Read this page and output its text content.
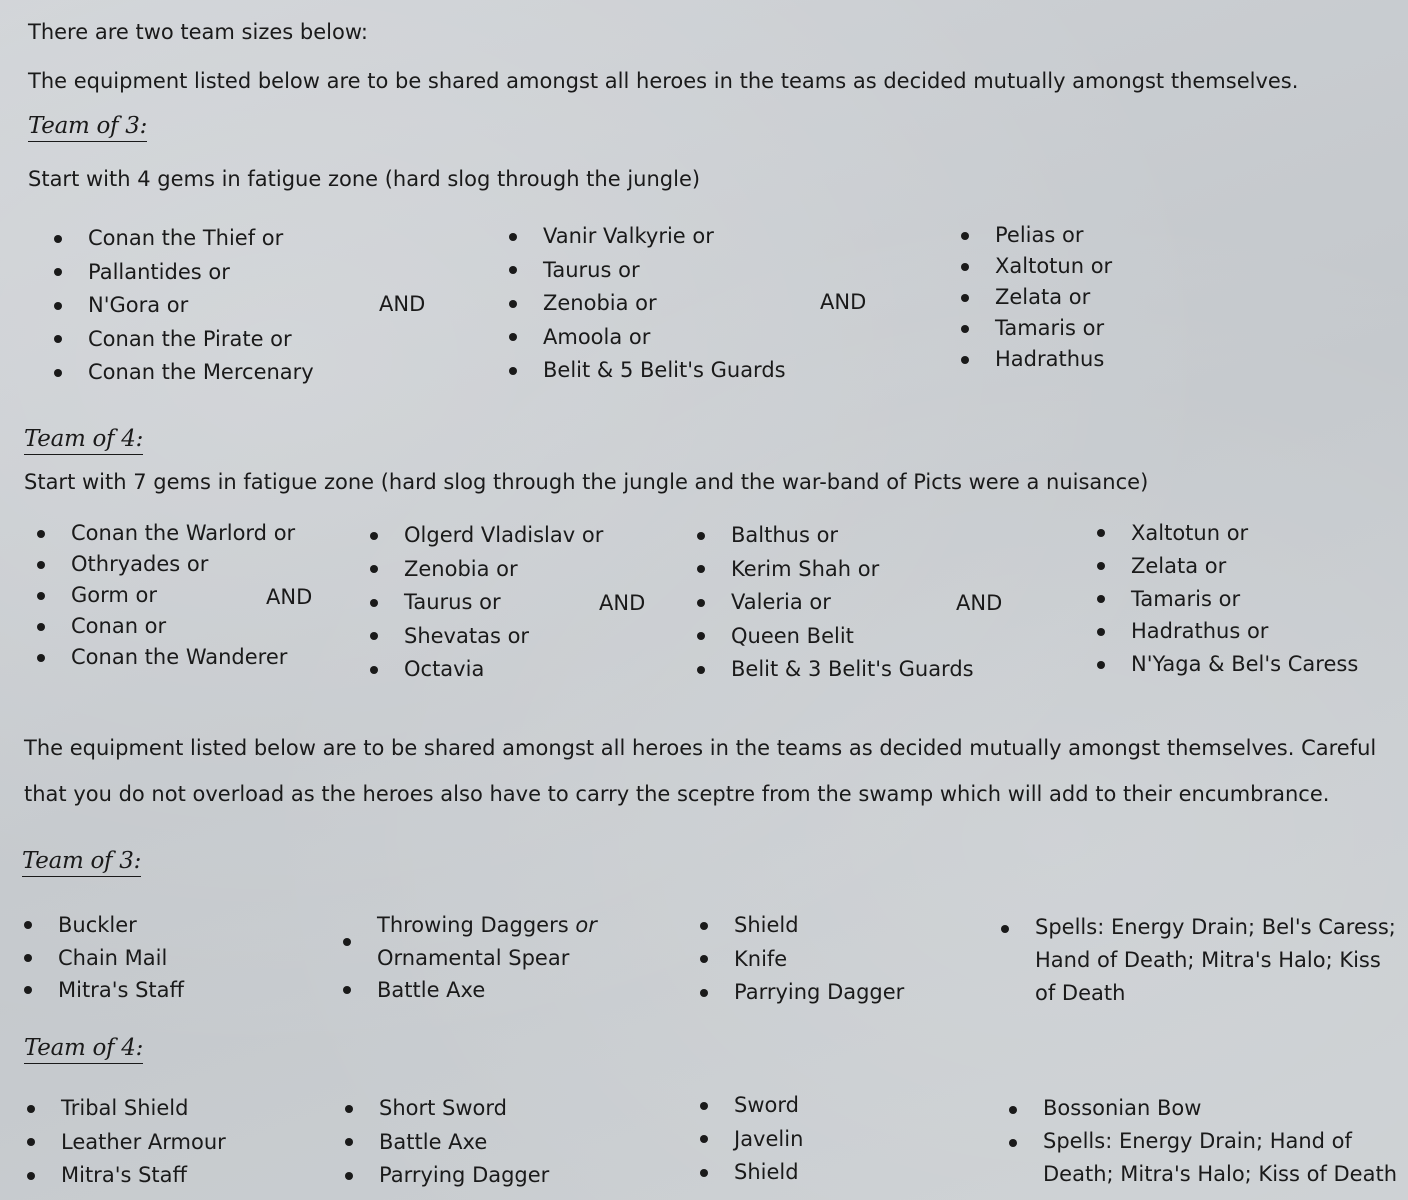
There are two team sizes below:
The equipment listed below are to be shared amongst all heroes in the teams as decided mutually amongst themselves.
Team of 3:
Start with 4 gems in fatigue zone (hard slog through the jungle)
Conan the Thief or
Pallantides or
N'Gora or
Conan the Pirate or
Conan the Mercenary
AND
Vanir Valkyrie or
Taurus or
Zenobia or
Amoola or
Belit & 5 Belit's Guards
AND
Pelias or
Xaltotun or
Zelata or
Tamaris or
Hadrathus
Team of 4:
Start with 7 gems in fatigue zone (hard slog through the jungle and the war-band of Picts were a nuisance)
Conan the Warlord or
Othryades or
Gorm or
Conan or
Conan the Wanderer
AND
Olgerd Vladislav or
Zenobia or
Taurus or
Shevatas or
Octavia
AND
Balthus or
Kerim Shah or
Valeria or
Queen Belit
Belit & 3 Belit's Guards
AND
Xaltotun or
Zelata or
Tamaris or
Hadrathus or
N'Yaga & Bel's Caress
The equipment listed below are to be shared amongst all heroes in the teams as decided mutually amongst themselves. Careful
that you do not overload as the heroes also have to carry the sceptre from the swamp which will add to their encumbrance.
Team of 3:
Buckler
Chain Mail
Mitra's Staff
Throwing Daggers or
Ornamental Spear
Battle Axe
Shield
Knife
Parrying Dagger
Spells: Energy Drain; Bel's Caress; Hand of Death; Mitra's Halo; Kiss of Death
Team of 4:
Tribal Shield
Leather Armour
Mitra's Staff
Short Sword
Battle Axe
Parrying Dagger
Sword
Javelin
Shield
Bossonian Bow
Spells: Energy Drain; Hand of Death; Mitra's Halo; Kiss of Death
